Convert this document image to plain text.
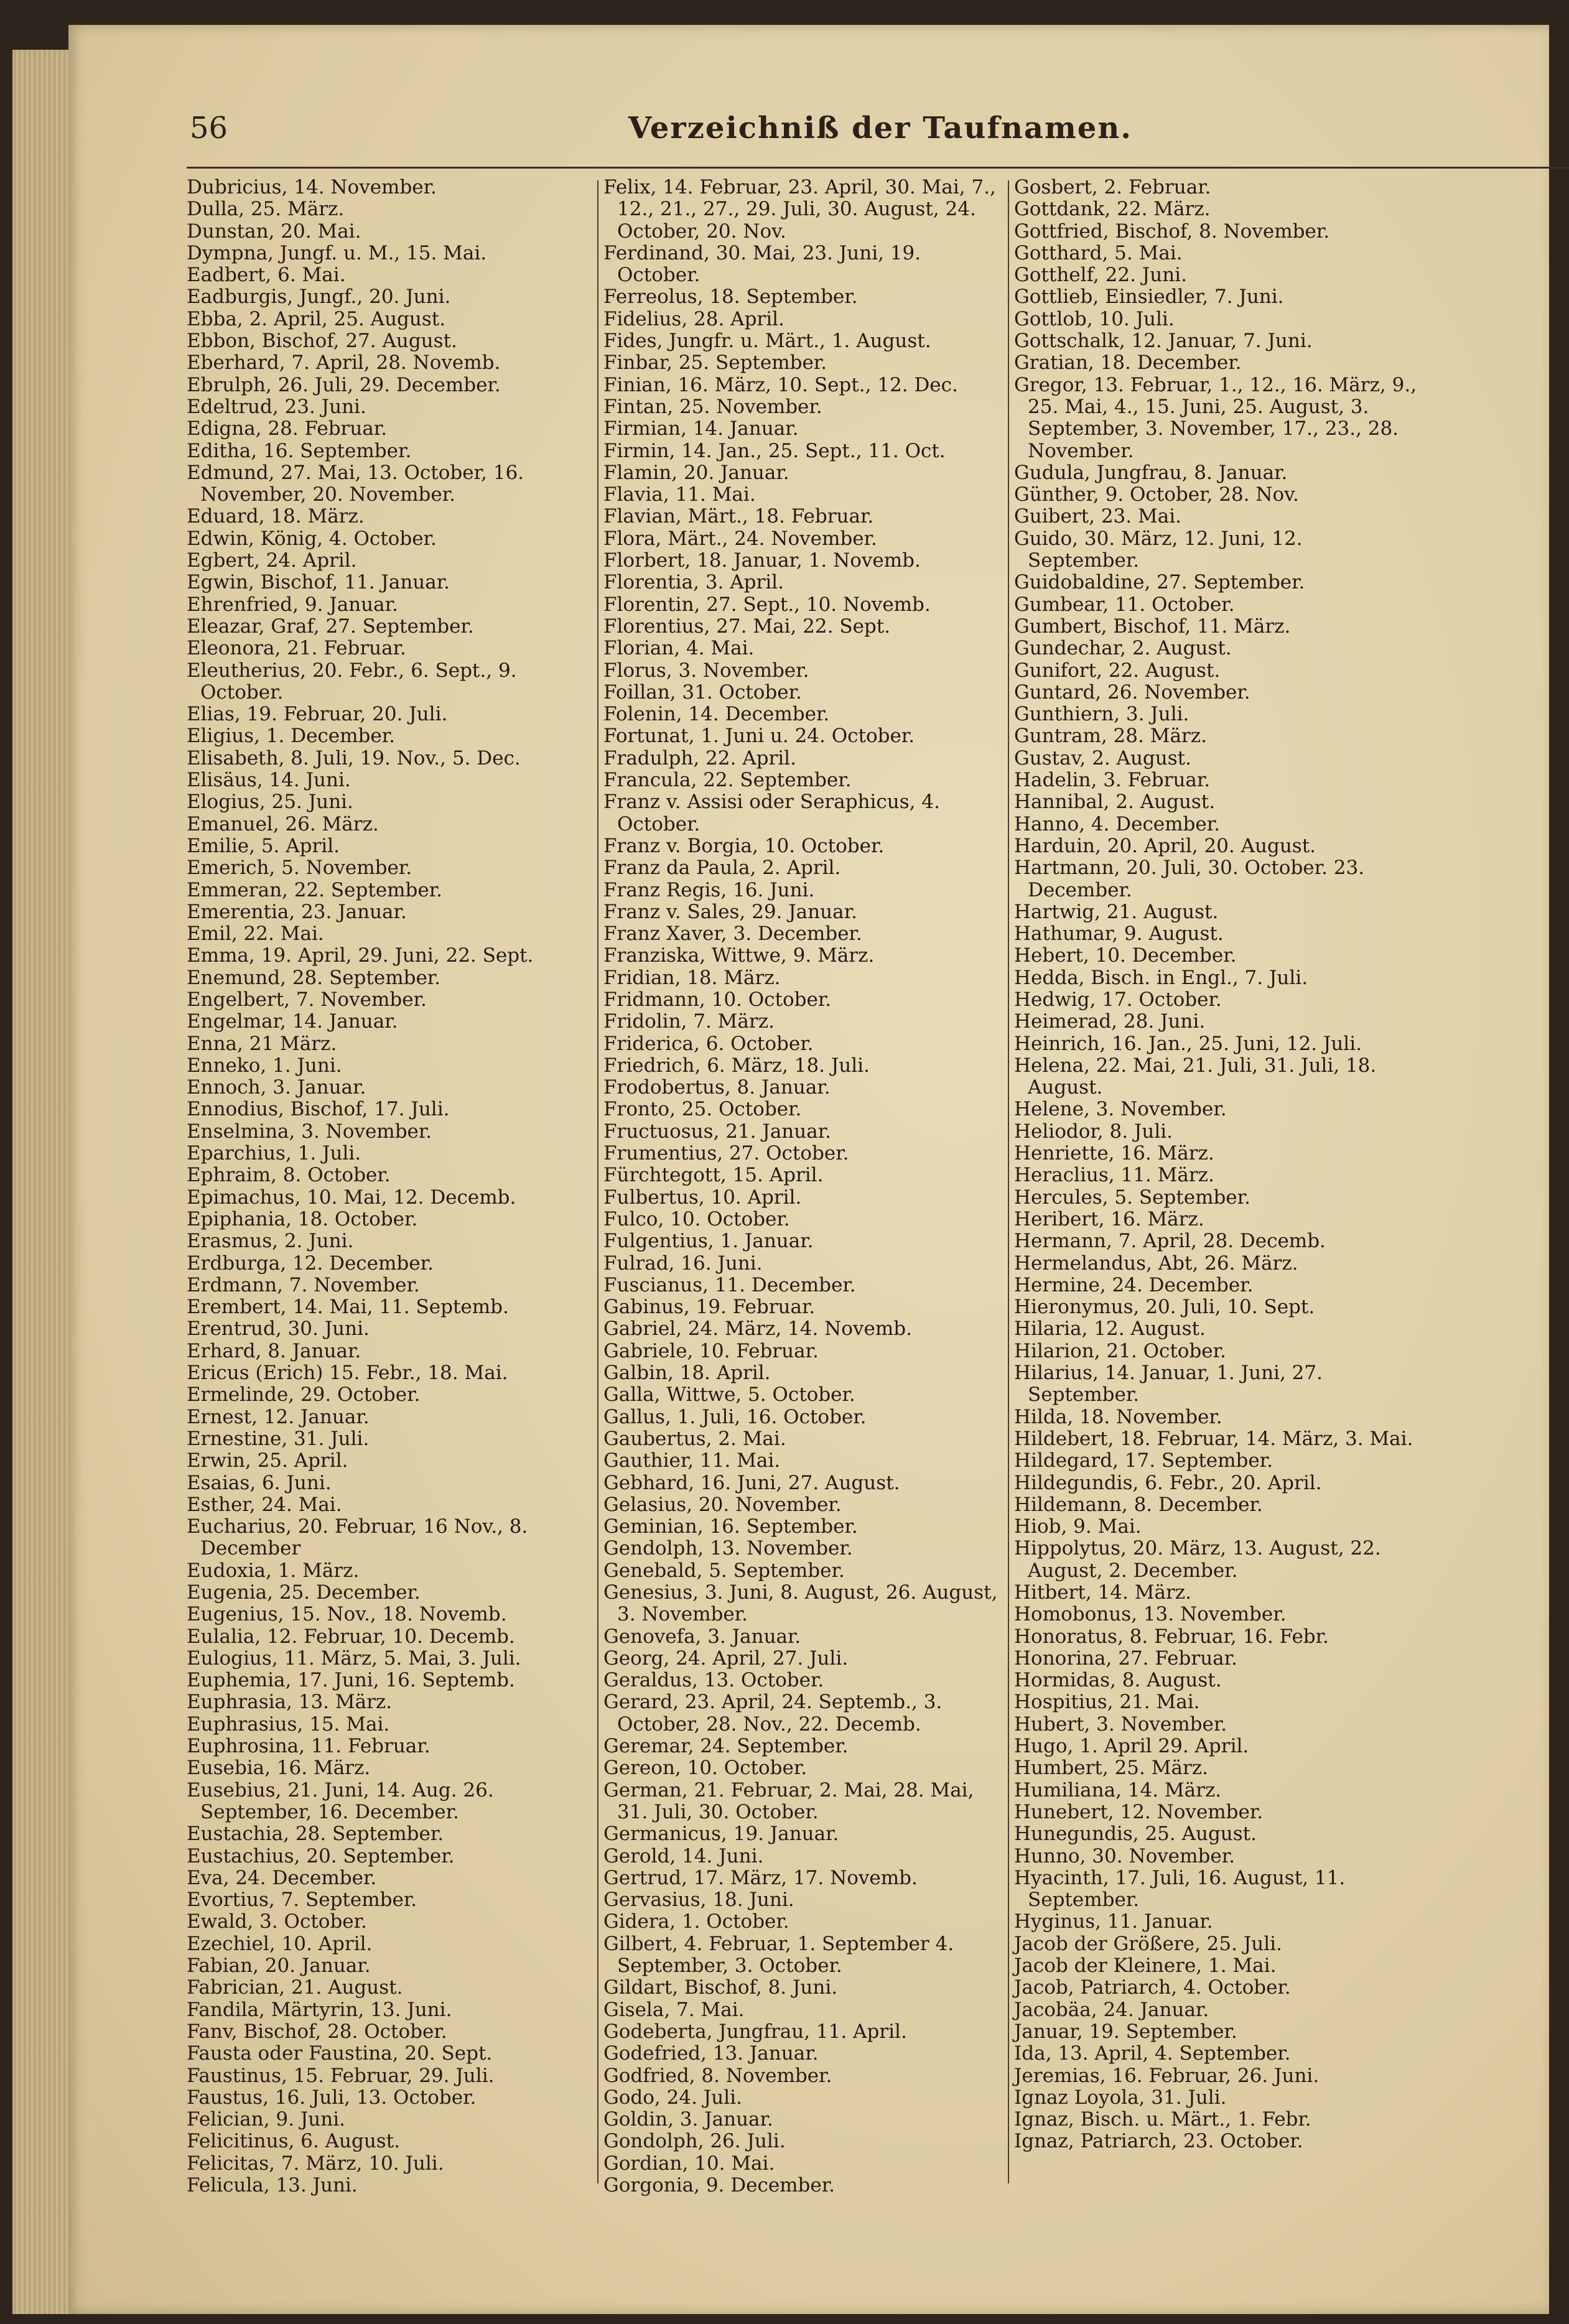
56	Verzeichniß der Taufnamen.
Dubricius, 14. November.
Dulla, 25. März.
Dunstan, 20. Mai.
Dympna, Jungf. u. M., 15. Mai.
Eadbert, 6. Mai.
Eadburgis, Jungf., 20. Juni.
Ebba, 2. April, 25. August.
Ebbon, Bischof, 27. August.
Eberhard, 7. April, 28. Novemb.
Ebrulph, 26. Juli, 29. December.
Edeltrud, 23. Juni.
Edigna, 28. Februar.
Editha, 16. September.
Edmund, 27. Mai, 13. October, 16. November, 20. November.
Eduard, 18. März.
Edwin, König, 4. October.
Egbert, 24. April.
Egwin, Bischof, 11. Januar.
Ehrenfried, 9. Januar.
Eleazar, Graf, 27. September.
Eleonora, 21. Februar.
Eleutherius, 20. Febr., 6. Sept., 9. October.
Elias, 19. Februar, 20. Juli.
Eligius, 1. December.
Elisabeth, 8. Juli, 19. Nov., 5. Dec.
Elisäus, 14. Juni.
Elogius, 25. Juni.
Emanuel, 26. März.
Emilie, 5. April.
Emerich, 5. November.
Emmeran, 22. September.
Emerentia, 23. Januar.
Emil, 22. Mai.
Emma, 19. April, 29. Juni, 22. Sept.
Enemund, 28. September.
Engelbert, 7. November.
Engelmar, 14. Januar.
Enna, 21 März.
Enneko, 1. Juni.
Ennoch, 3. Januar.
Ennodius, Bischof, 17. Juli.
Enselmina, 3. November.
Eparchius, 1. Juli.
Ephraim, 8. October.
Epimachus, 10. Mai, 12. Decemb.
Epiphania, 18. October.
Erasmus, 2. Juni.
Erdburga, 12. December.
Erdmann, 7. November.
Erembert, 14. Mai, 11. Septemb.
Erentrud, 30. Juni.
Erhard, 8. Januar.
Ericus (Erich) 15. Febr., 18. Mai.
Ermelinde, 29. October.
Ernest, 12. Januar.
Ernestine, 31. Juli.
Erwin, 25. April.
Esaias, 6. Juni.
Esther, 24. Mai.
Eucharius, 20. Februar, 16 Nov., 8. December
Eudoxia, 1. März.
Eugenia, 25. December.
Eugenius, 15. Nov., 18. Novemb.
Eulalia, 12. Februar, 10. Decemb.
Eulogius, 11. März, 5. Mai, 3. Juli.
Euphemia, 17. Juni, 16. Septemb.
Euphrasia, 13. März.
Euphrasius, 15. Mai.
Euphrosina, 11. Februar.
Eusebia, 16. März.
Eusebius, 21. Juni, 14. Aug. 26. September, 16. December.
Eustachia, 28. September.
Eustachius, 20. September.
Eva, 24. December.
Evortius, 7. September.
Ewald, 3. October.
Ezechiel, 10. April.
Fabian, 20. Januar.
Fabrician, 21. August.
Fandila, Märtyrin, 13. Juni.
Fanv, Bischof, 28. October.
Fausta oder Faustina, 20. Sept.
Faustinus, 15. Februar, 29. Juli.
Faustus, 16. Juli, 13. October.
Felician, 9. Juni.
Felicitinus, 6. August.
Felicitas, 7. März, 10. Juli.
Felicula, 13. Juni.
Felix, 14. Februar, 23. April, 30. Mai, 7., 12., 21., 27., 29. Juli, 30. August, 24. October, 20. Nov.
Ferdinand, 30. Mai, 23. Juni, 19. October.
Ferreolus, 18. September.
Fidelius, 28. April.
Fides, Jungfr. u. Märt., 1. August.
Finbar, 25. September.
Finian, 16. März, 10. Sept., 12. Dec.
Fintan, 25. November.
Firmian, 14. Januar.
Firmin, 14. Jan., 25. Sept., 11. Oct.
Flamin, 20. Januar.
Flavia, 11. Mai.
Flavian, Märt., 18. Februar.
Flora, Märt., 24. November.
Florbert, 18. Januar, 1. Novemb.
Florentia, 3. April.
Florentin, 27. Sept., 10. Novemb.
Florentius, 27. Mai, 22. Sept.
Florian, 4. Mai.
Florus, 3. November.
Foillan, 31. October.
Folenin, 14. December.
Fortunat, 1. Juni u. 24. October.
Fradulph, 22. April.
Francula, 22. September.
Franz v. Assisi oder Seraphicus, 4. October.
Franz v. Borgia, 10. October.
Franz da Paula, 2. April.
Franz Regis, 16. Juni.
Franz v. Sales, 29. Januar.
Franz Xaver, 3. December.
Franziska, Wittwe, 9. März.
Fridian, 18. März.
Fridmann, 10. October.
Fridolin, 7. März.
Friderica, 6. October.
Friedrich, 6. März, 18. Juli.
Frodobertus, 8. Januar.
Fronto, 25. October.
Fructuosus, 21. Januar.
Frumentius, 27. October.
Fürchtegott, 15. April.
Fulbertus, 10. April.
Fulco, 10. October.
Fulgentius, 1. Januar.
Fulrad, 16. Juni.
Fuscianus, 11. December.
Gabinus, 19. Februar.
Gabriel, 24. März, 14. Novemb.
Gabriele, 10. Februar.
Galbin, 18. April.
Galla, Wittwe, 5. October.
Gallus, 1. Juli, 16. October.
Gaubertus, 2. Mai.
Gauthier, 11. Mai.
Gebhard, 16. Juni, 27. August.
Gelasius, 20. November.
Geminian, 16. September.
Gendolph, 13. November.
Genebald, 5. September.
Genesius, 3. Juni, 8. August, 26. August, 3. November.
Genovefa, 3. Januar.
Georg, 24. April, 27. Juli.
Geraldus, 13. October.
Gerard, 23. April, 24. Septemb., 3. October, 28. Nov., 22. Decemb.
Geremar, 24. September.
Gereon, 10. October.
German, 21. Februar, 2. Mai, 28. Mai, 31. Juli, 30. October.
Germanicus, 19. Januar.
Gerold, 14. Juni.
Gertrud, 17. März, 17. Novemb.
Gervasius, 18. Juni.
Gidera, 1. October.
Gilbert, 4. Februar, 1. September 4. September, 3. October.
Gildart, Bischof, 8. Juni.
Gisela, 7. Mai.
Godeberta, Jungfrau, 11. April.
Godefried, 13. Januar.
Godfried, 8. November.
Godo, 24. Juli.
Goldin, 3. Januar.
Gondolph, 26. Juli.
Gordian, 10. Mai.
Gorgonia, 9. December.
Gosbert, 2. Februar.
Gottdank, 22. März.
Gottfried, Bischof, 8. November.
Gotthard, 5. Mai.
Gotthelf, 22. Juni.
Gottlieb, Einsiedler, 7. Juni.
Gottlob, 10. Juli.
Gottschalk, 12. Januar, 7. Juni.
Gratian, 18. December.
Gregor, 13. Februar, 1., 12., 16. März, 9., 25. Mai, 4., 15. Juni, 25. August, 3. September, 3. November, 17., 23., 28. November.
Gudula, Jungfrau, 8. Januar.
Günther, 9. October, 28. Nov.
Guibert, 23. Mai.
Guido, 30. März, 12. Juni, 12. September.
Guidobaldine, 27. September.
Gumbear, 11. October.
Gumbert, Bischof, 11. März.
Gundechar, 2. August.
Gunifort, 22. August.
Guntard, 26. November.
Gunthiern, 3. Juli.
Guntram, 28. März.
Gustav, 2. August.
Hadelin, 3. Februar.
Hannibal, 2. August.
Hanno, 4. December.
Harduin, 20. April, 20. August.
Hartmann, 20. Juli, 30. October. 23. December.
Hartwig, 21. August.
Hathumar, 9. August.
Hebert, 10. December.
Hedda, Bisch. in Engl., 7. Juli.
Hedwig, 17. October.
Heimerad, 28. Juni.
Heinrich, 16. Jan., 25. Juni, 12. Juli.
Helena, 22. Mai, 21. Juli, 31. Juli, 18. August.
Helene, 3. November.
Heliodor, 8. Juli.
Henriette, 16. März.
Heraclius, 11. März.
Hercules, 5. September.
Heribert, 16. März.
Hermann, 7. April, 28. Decemb.
Hermelandus, Abt, 26. März.
Hermine, 24. December.
Hieronymus, 20. Juli, 10. Sept.
Hilaria, 12. August.
Hilarion, 21. October.
Hilarius, 14. Januar, 1. Juni, 27. September.
Hilda, 18. November.
Hildebert, 18. Februar, 14. März, 3. Mai.
Hildegard, 17. September.
Hildegundis, 6. Febr., 20. April.
Hildemann, 8. December.
Hiob, 9. Mai.
Hippolytus, 20. März, 13. August, 22. August, 2. December.
Hitbert, 14. März.
Homobonus, 13. November.
Honoratus, 8. Februar, 16. Febr.
Honorina, 27. Februar.
Hormidas, 8. August.
Hospitius, 21. Mai.
Hubert, 3. November.
Hugo, 1. April 29. April.
Humbert, 25. März.
Humiliana, 14. März.
Hunebert, 12. November.
Hunegundis, 25. August.
Hunno, 30. November.
Hyacinth, 17. Juli, 16. August, 11. September.
Hyginus, 11. Januar.
Jacob der Größere, 25. Juli.
Jacob der Kleinere, 1. Mai.
Jacob, Patriarch, 4. October.
Jacobäa, 24. Januar.
Januar, 19. September.
Ida, 13. April, 4. September.
Jeremias, 16. Februar, 26. Juni.
Ignaz Loyola, 31. Juli.
Ignaz, Bisch. u. Märt., 1. Febr.
Ignaz, Patriarch, 23. October.
